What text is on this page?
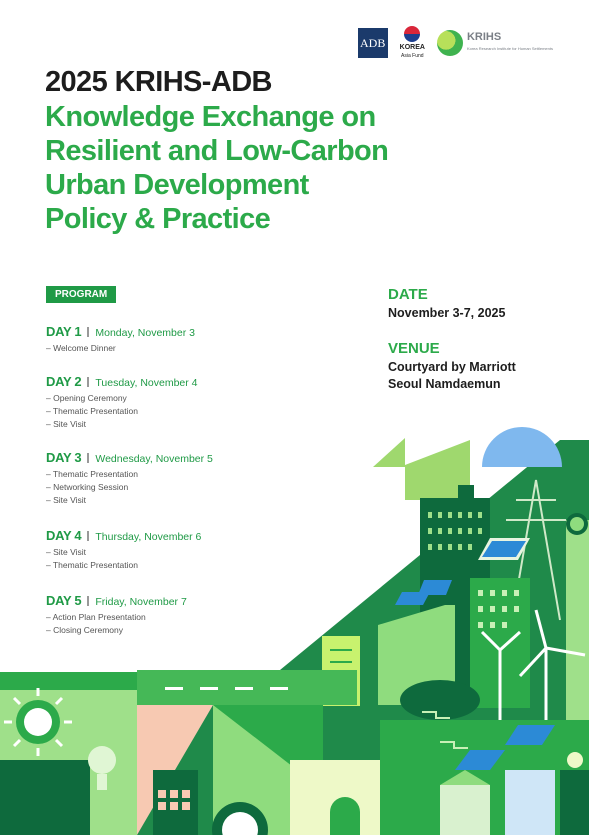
ADB	KOREA
Asia Fund
KRIHS
Korea Research Institute for Human Settlements
2025 KRIHS-ADB
Knowledge Exchange on
Resilient and Low-Carbon
Urban Development
Policy & Practice
PROGRAM
DAY 1 Monday, November 3
– Welcome Dinner
DAY 2 Tuesday, November 4
– Opening Ceremony
– Thematic Presentation
– Site Visit
DAY 3 Wednesday, November 5
– Thematic Presentation
– Networking Session
– Site Visit
DAY 4 Thursday, November 6
– Site Visit
– Thematic Presentation
DAY 5 Friday, November 7
– Action Plan Presentation
– Closing Ceremony
DATE
November 3-7, 2025
VENUE
Courtyard by Marriott
Seoul Namdaemun
